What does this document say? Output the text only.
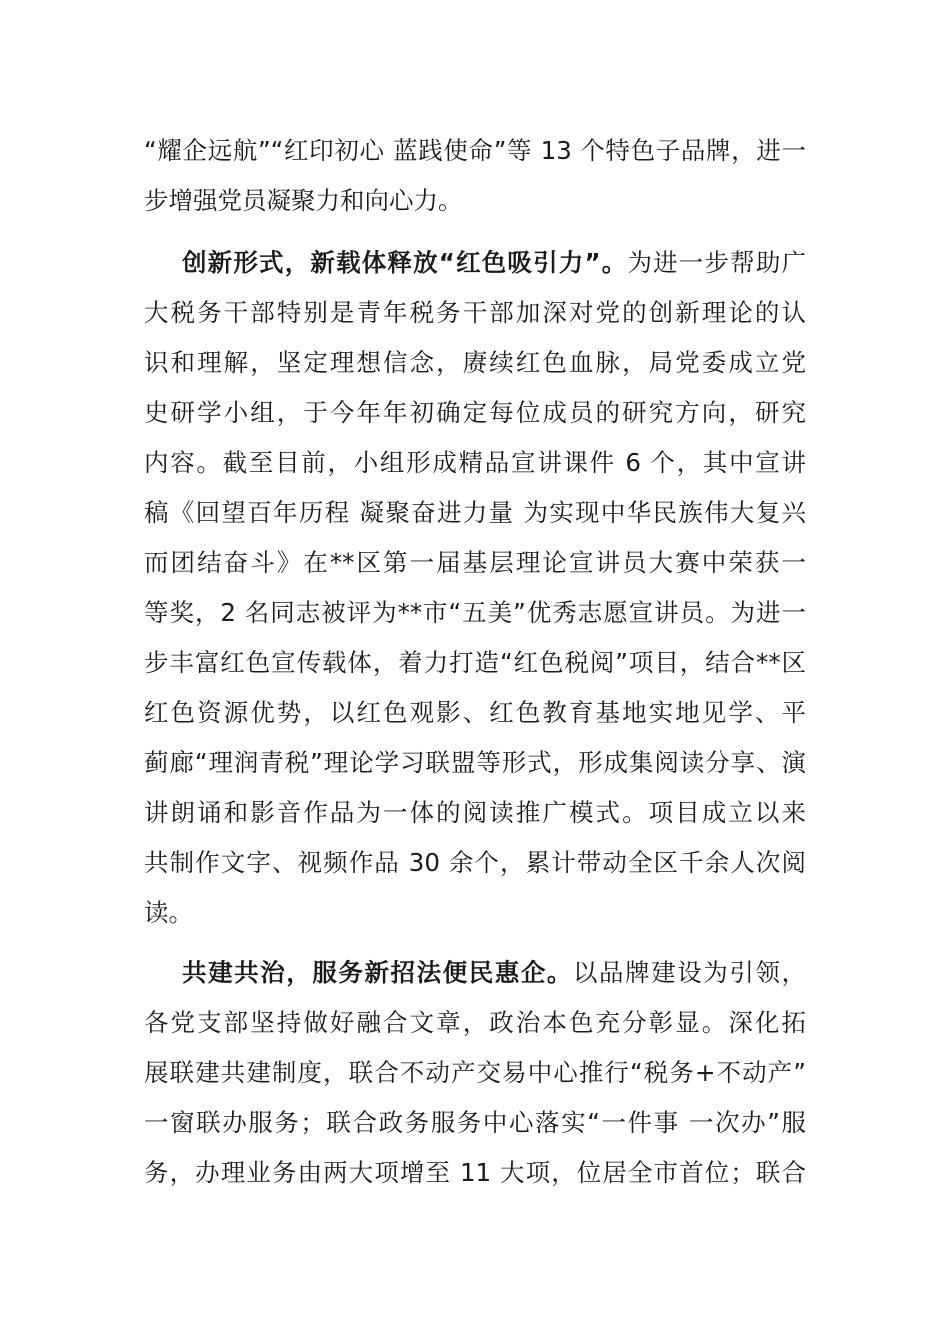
“耀企远航”“红印初心 蓝践使命”等 13 个特色子品牌，进一
步增强党员凝聚力和向心力。
创新形式，新载体释放“红色吸引力”。为进一步帮助广
大税务干部特别是青年税务干部加深对党的创新理论的认
识和理解，坚定理想信念，赓续红色血脉，局党委成立党
史研学小组，于今年年初确定每位成员的研究方向，研究
内容。截至目前，小组形成精品宣讲课件 6 个，其中宣讲
稿《回望百年历程 凝聚奋进力量 为实现中华民族伟大复兴
而团结奋斗》在**区第一届基层理论宣讲员大赛中荣获一
等奖，2 名同志被评为**市“五美”优秀志愿宣讲员。为进一
步丰富红色宣传载体，着力打造“红色税阅”项目，结合**区
红色资源优势，以红色观影、红色教育基地实地见学、平
蓟廊“理润青税”理论学习联盟等形式，形成集阅读分享、演
讲朗诵和影音作品为一体的阅读推广模式。项目成立以来
共制作文字、视频作品 30 余个，累计带动全区千余人次阅
读。
共建共治，服务新招法便民惠企。以品牌建设为引领，
各党支部坚持做好融合文章，政治本色充分彰显。深化拓
展联建共建制度，联合不动产交易中心推行“税务+不动产”
一窗联办服务；联合政务服务中心落实“一件事 一次办”服
务，办理业务由两大项增至 11 大项，位居全市首位；联合
